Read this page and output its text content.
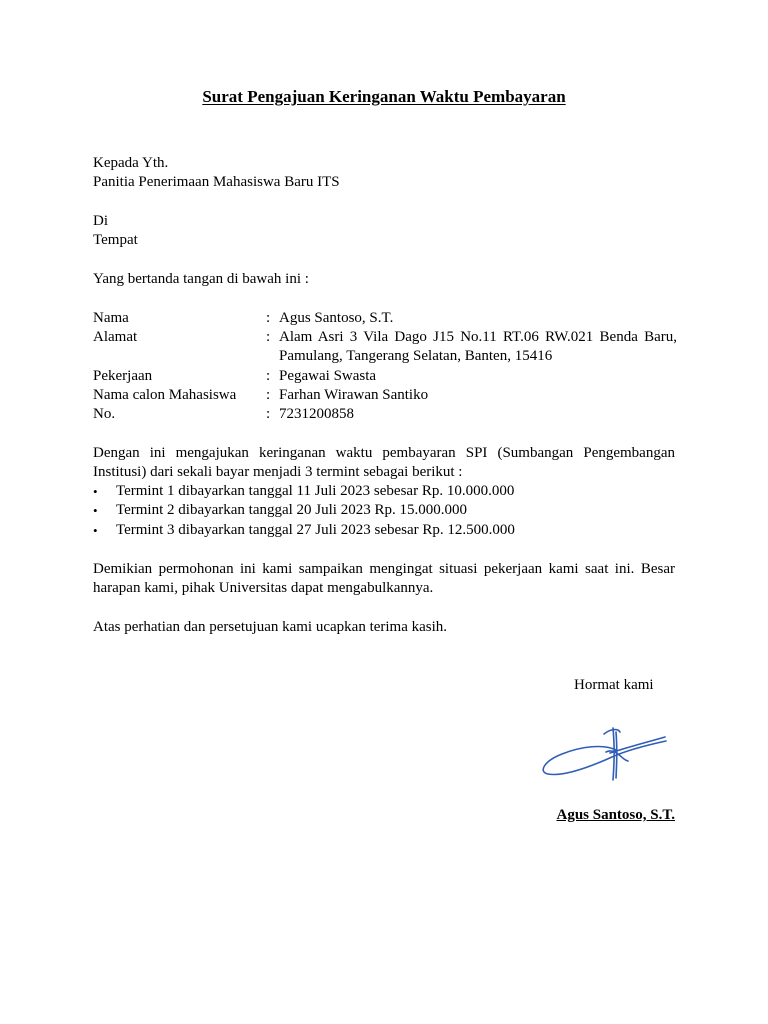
Surat Pengajuan Keringanan Waktu Pembayaran
Kepada Yth.
Panitia Penerimaan Mahasiswa Baru ITS
Di
Tempat
Yang bertanda tangan di bawah ini :
Nama	: Agus Santoso, S.T.
Alamat	: Alam Asri 3 Vila Dago J15 No.11 RT.06 RW.021 Benda Baru, Pamulang, Tangerang Selatan, Banten, 15416
Pekerjaan	: Pegawai Swasta
Nama calon Mahasiswa : Farhan Wirawan Santiko
No.	: 7231200858
Dengan ini mengajukan keringanan waktu pembayaran SPI (Sumbangan Pengembangan Institusi) dari sekali bayar menjadi 3 termint sebagai berikut :
• Termint 1 dibayarkan tanggal 11 Juli 2023 sebesar Rp. 10.000.000
• Termint 2 dibayarkan tanggal 20 Juli 2023 Rp. 15.000.000
• Termint 3 dibayarkan tanggal 27 Juli 2023 sebesar Rp. 12.500.000
Demikian permohonan ini kami sampaikan mengingat situasi pekerjaan kami saat ini. Besar harapan kami, pihak Universitas dapat mengabulkannya.
Atas perhatian dan persetujuan kami ucapkan terima kasih.
Hormat kami
Agus Santoso, S.T.
